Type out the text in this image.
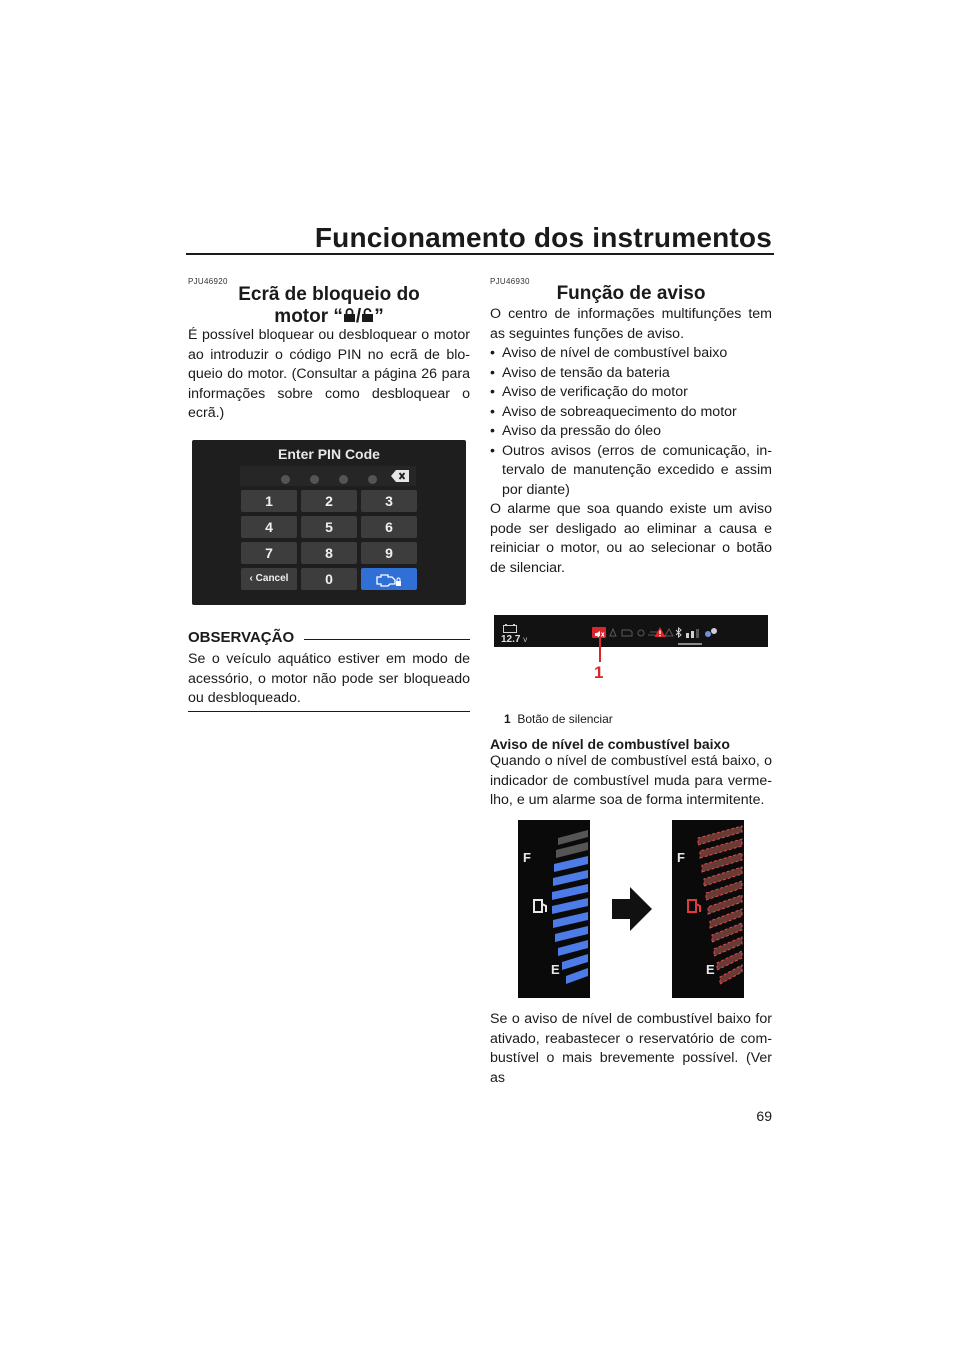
Funcionamento dos instrumentos
PJU46920
Ecrã de bloqueio do
motor “ / ”

É possível bloquear ou desbloquear o motor ao introduzir o código PIN no ecrã de bloqueio do motor. (Consultar a página 26 para informações sobre como desbloquear o ecrã.)

Enter PIN Code
1	2	3
4	5	6
7	8	9
‹ Cancel	0
OBSERVAÇÃO

Se o veículo aquático estiver em modo de acessório, o motor não pode ser bloqueado ou desbloqueado.

PJU46930
Função de aviso

O centro de informações multifunções tem as seguintes funções de aviso.

• Aviso de nível de combustível baixo
• Aviso de tensão da bateria
• Aviso de verificação do motor
• Aviso de sobreaquecimento do motor
• Aviso da pressão do óleo
• Outros avisos (erros de comunicação, intervalo de manutenção excedido e assim por diante)

O alarme que soa quando existe um aviso pode ser desligado ao eliminar a causa e reiniciar o motor, ou ao selecionar o botão de silenciar.

12.7 V
1
1 Botão de silenciar
Aviso de nível de combustível baixo

Quando o nível de combustível está baixo, o indicador de combustível muda para vermelho, e um alarme soa de forma intermitente.

F
E
F
E

Se o aviso de nível de combustível baixo for ativado, reabastecer o reservatório de combustível o mais brevemente possível. (Ver as

69
